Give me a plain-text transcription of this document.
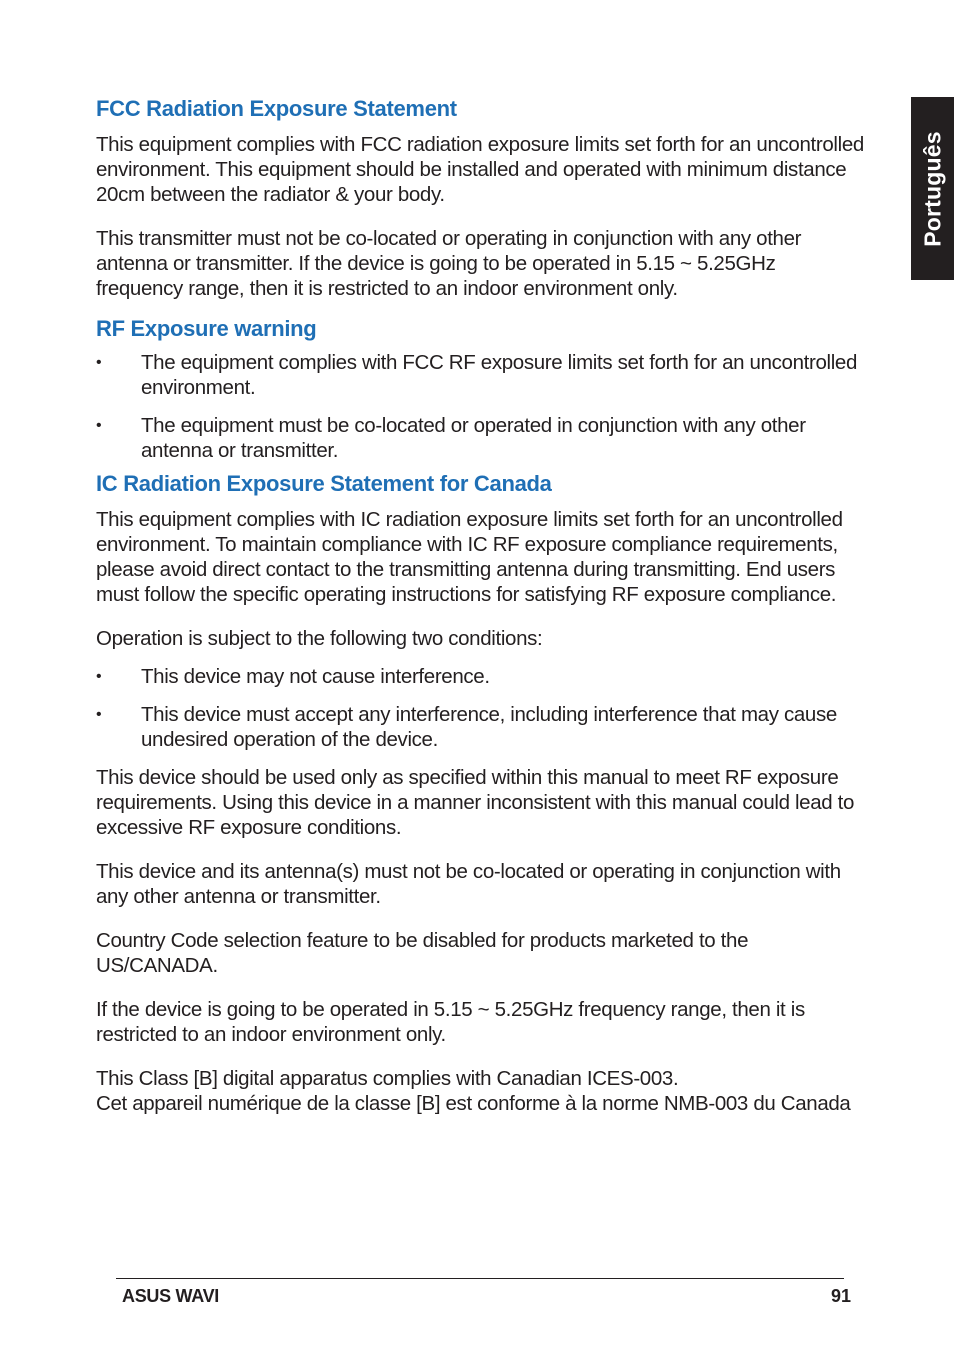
Português
FCC Radiation Exposure Statement

This equipment complies with FCC radiation exposure limits set forth for an uncontrolled environment. This equipment should be installed and operated with minimum distance 20cm between the radiator & your body.

This transmitter must not be co-located or operating in conjunction with any other antenna or transmitter. If the device is going to be operated in 5.15 ~ 5.25GHz frequency range, then it is restricted to an indoor environment only.

RF Exposure warning
• The equipment complies with FCC RF exposure limits set forth for an uncontrolled environment.
• The equipment must be co-located or operated in conjunction with any other antenna or transmitter.
IC Radiation Exposure Statement for Canada

This equipment complies with IC radiation exposure limits set forth for an uncontrolled environment. To maintain compliance with IC RF exposure compliance requirements, please avoid direct contact to the transmitting antenna during transmitting. End users must follow the specific operating instructions for satisfying RF exposure compliance.

Operation is subject to the following two conditions:

• This device may not cause interference.
• This device must accept any interference, including interference that may cause undesired operation of the device.

This device should be used only as specified within this manual to meet RF exposure requirements. Using this device in a manner inconsistent with this manual could lead to excessive RF exposure conditions.

This device and its antenna(s) must not be co-located or operating in conjunction with any other antenna or transmitter.

Country Code selection feature to be disabled for products marketed to the US/CANADA.

If the device is going to be operated in 5.15 ~ 5.25GHz frequency range, then it is restricted to an indoor environment only.

This Class [B] digital apparatus complies with Canadian ICES-003.

Cet appareil numérique de la classe [B] est conforme à la norme NMB-003 du Canada

ASUS WAVI	91
